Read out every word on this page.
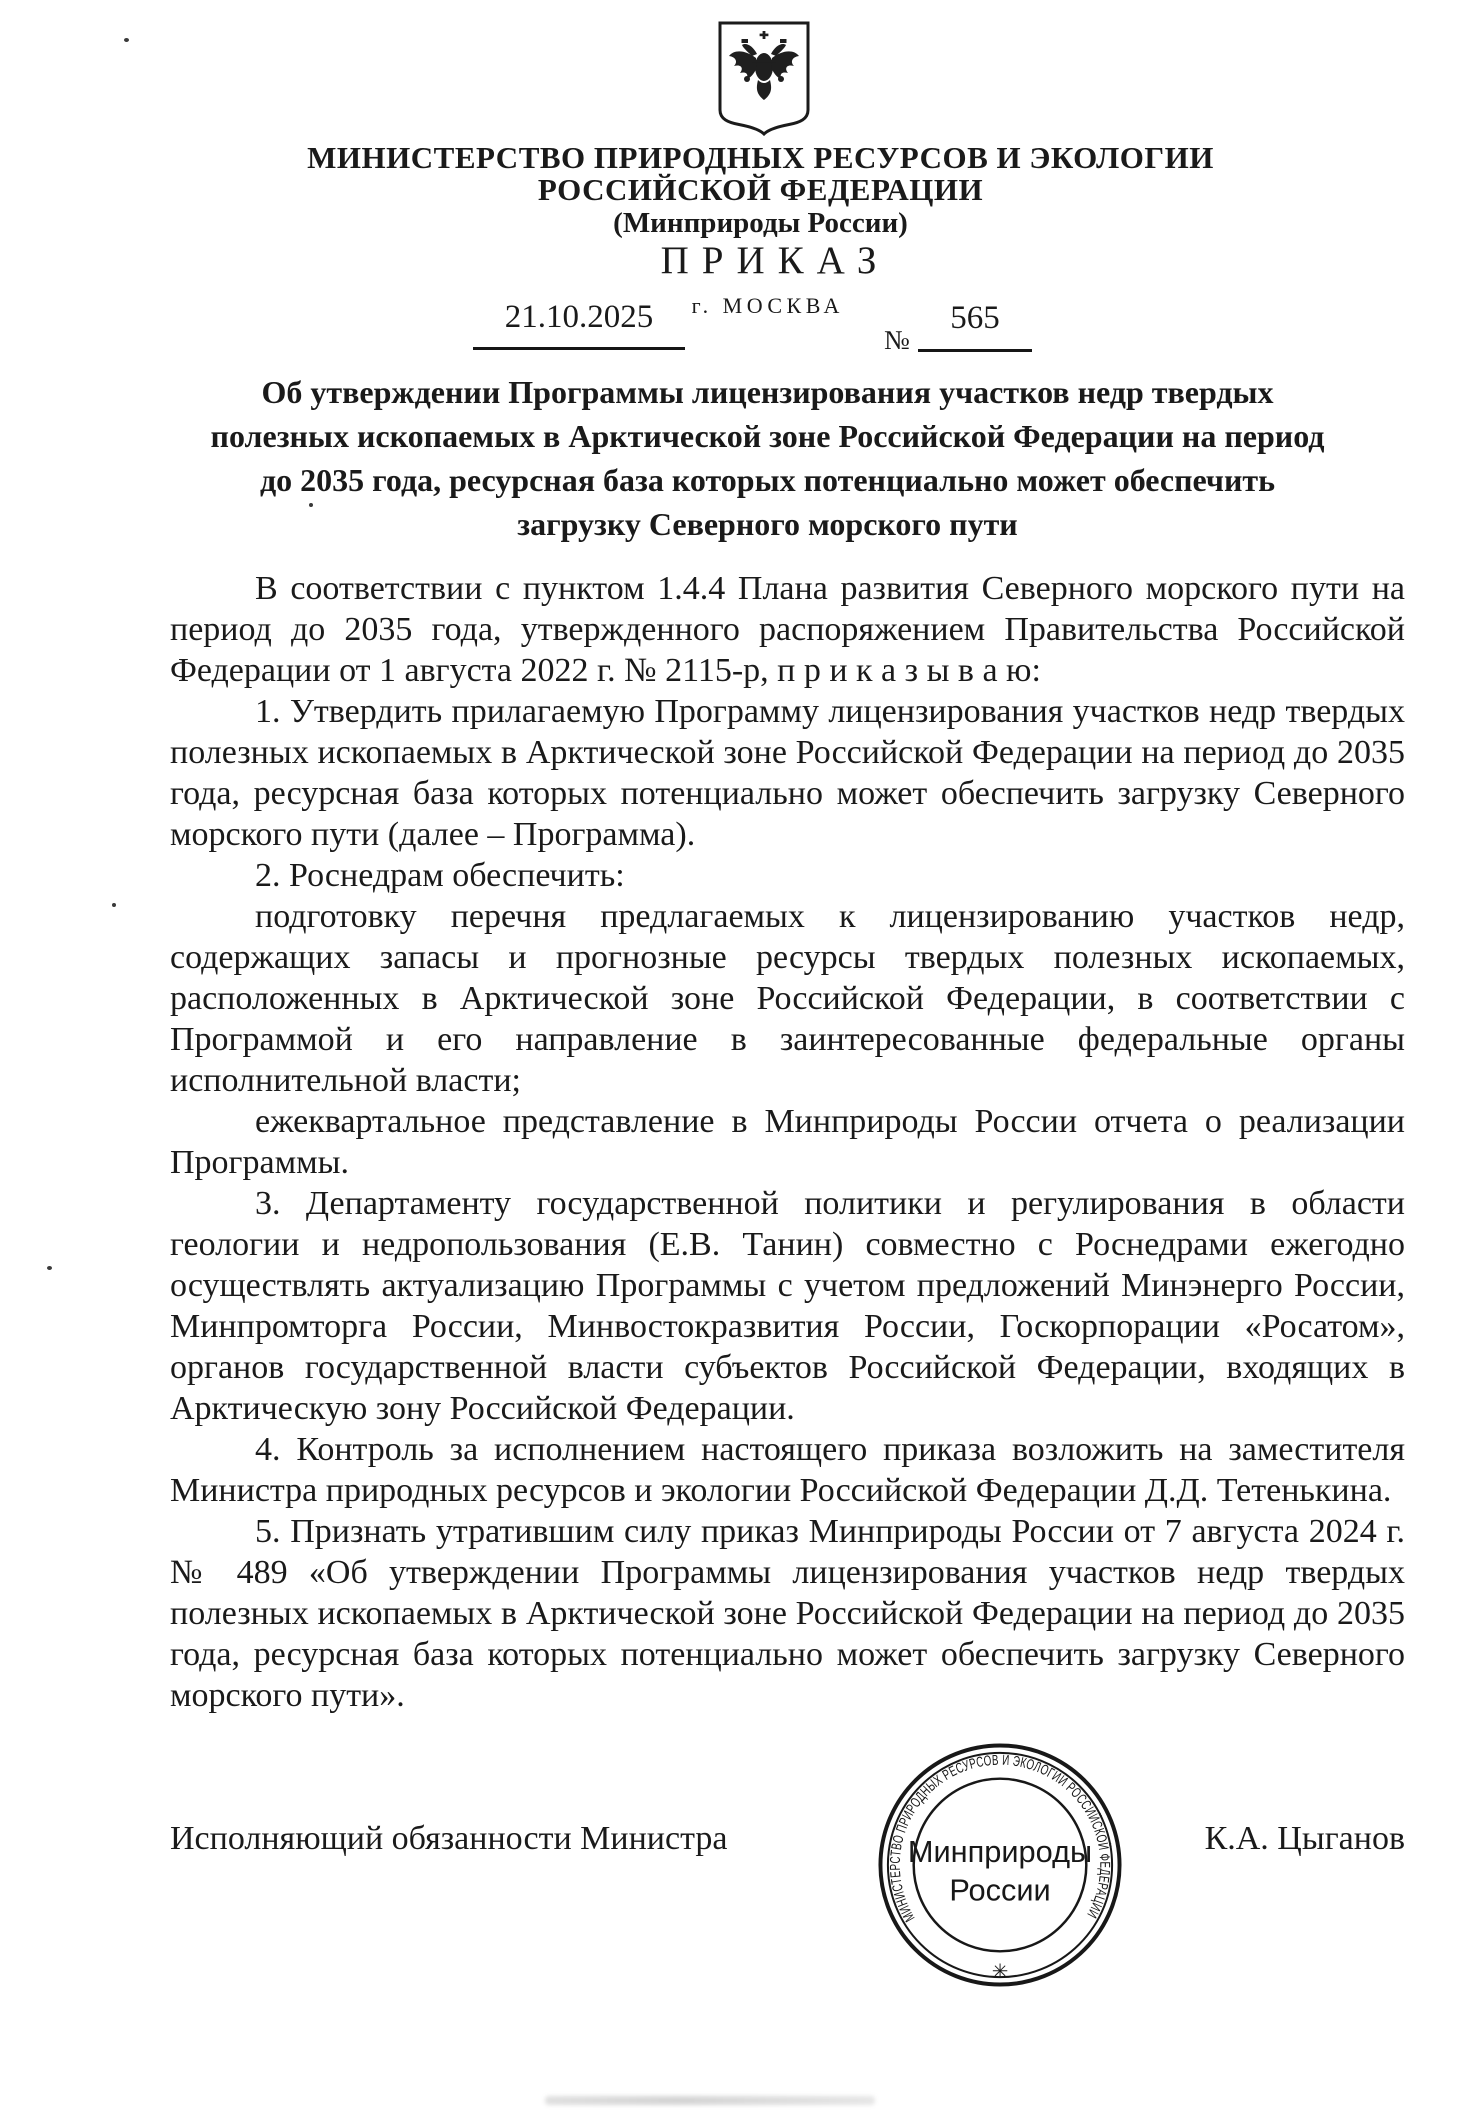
МИНИСТЕРСТВО ПРИРОДНЫХ РЕСУРСОВ И ЭКОЛОГИИ
РОССИЙСКОЙ ФЕДЕРАЦИИ
(Минприроды России)
ПРИКАЗ
г. МОСКВА
21.10.2025
№
565
Об утверждении Программы лицензирования участков недр твердых
полезных ископаемых в Арктической зоне Российской Федерации на период
до 2035 года, ресурсная база которых потенциально может обеспечить
загрузку Северного морского пути

В соответствии с пунктом 1.4.4 Плана развития Северного морского пути на период до 2035 года, утвержденного распоряжением Правительства Российской Федерации от 1 августа 2022 г. № 2115-р, п р и к а з ы в а ю:

1. Утвердить прилагаемую Программу лицензирования участков недр твердых полезных ископаемых в Арктической зоне Российской Федерации на период до 2035 года, ресурсная база которых потенциально может обеспечить загрузку Северного морского пути (далее – Программа).

2. Роснедрам обеспечить:

подготовку перечня предлагаемых к лицензированию участков недр, содержащих запасы и прогнозные ресурсы твердых полезных ископаемых, расположенных в Арктической зоне Российской Федерации, в соответствии с Программой и его направление в заинтересованные федеральные органы исполнительной власти;

ежеквартальное представление в Минприроды России отчета о реализации Программы.

3. Департаменту государственной политики и регулирования в области геологии и недропользования (Е.В. Танин) совместно с Роснедрами ежегодно осуществлять актуализацию Программы с учетом предложений Минэнерго России, Минпромторга России, Минвостокразвития России, Госкорпорации «Росатом», органов государственной власти субъектов Российской Федерации, входящих в Арктическую зону Российской Федерации.

4. Контроль за исполнением настоящего приказа возложить на заместителя Министра природных ресурсов и экологии Российской Федерации Д.Д. Тетенькина.

5. Признать утратившим силу приказ Минприроды России от 7 августа 2024 г. № 489 «Об утверждении Программы лицензирования участков недр твердых полезных ископаемых в Арктической зоне Российской Федерации на период до 2035 года, ресурсная база которых потенциально может обеспечить загрузку Северного морского пути».

Исполняющий обязанности Министра	К.А. Цыганов
МИНИСТЕРСТВО ПРИРОДНЫХ РЕСУРСОВ И ЭКОЛОГИИ РОССИЙСКОЙ ФЕДЕРАЦИИ
✳
Минприроды
России
